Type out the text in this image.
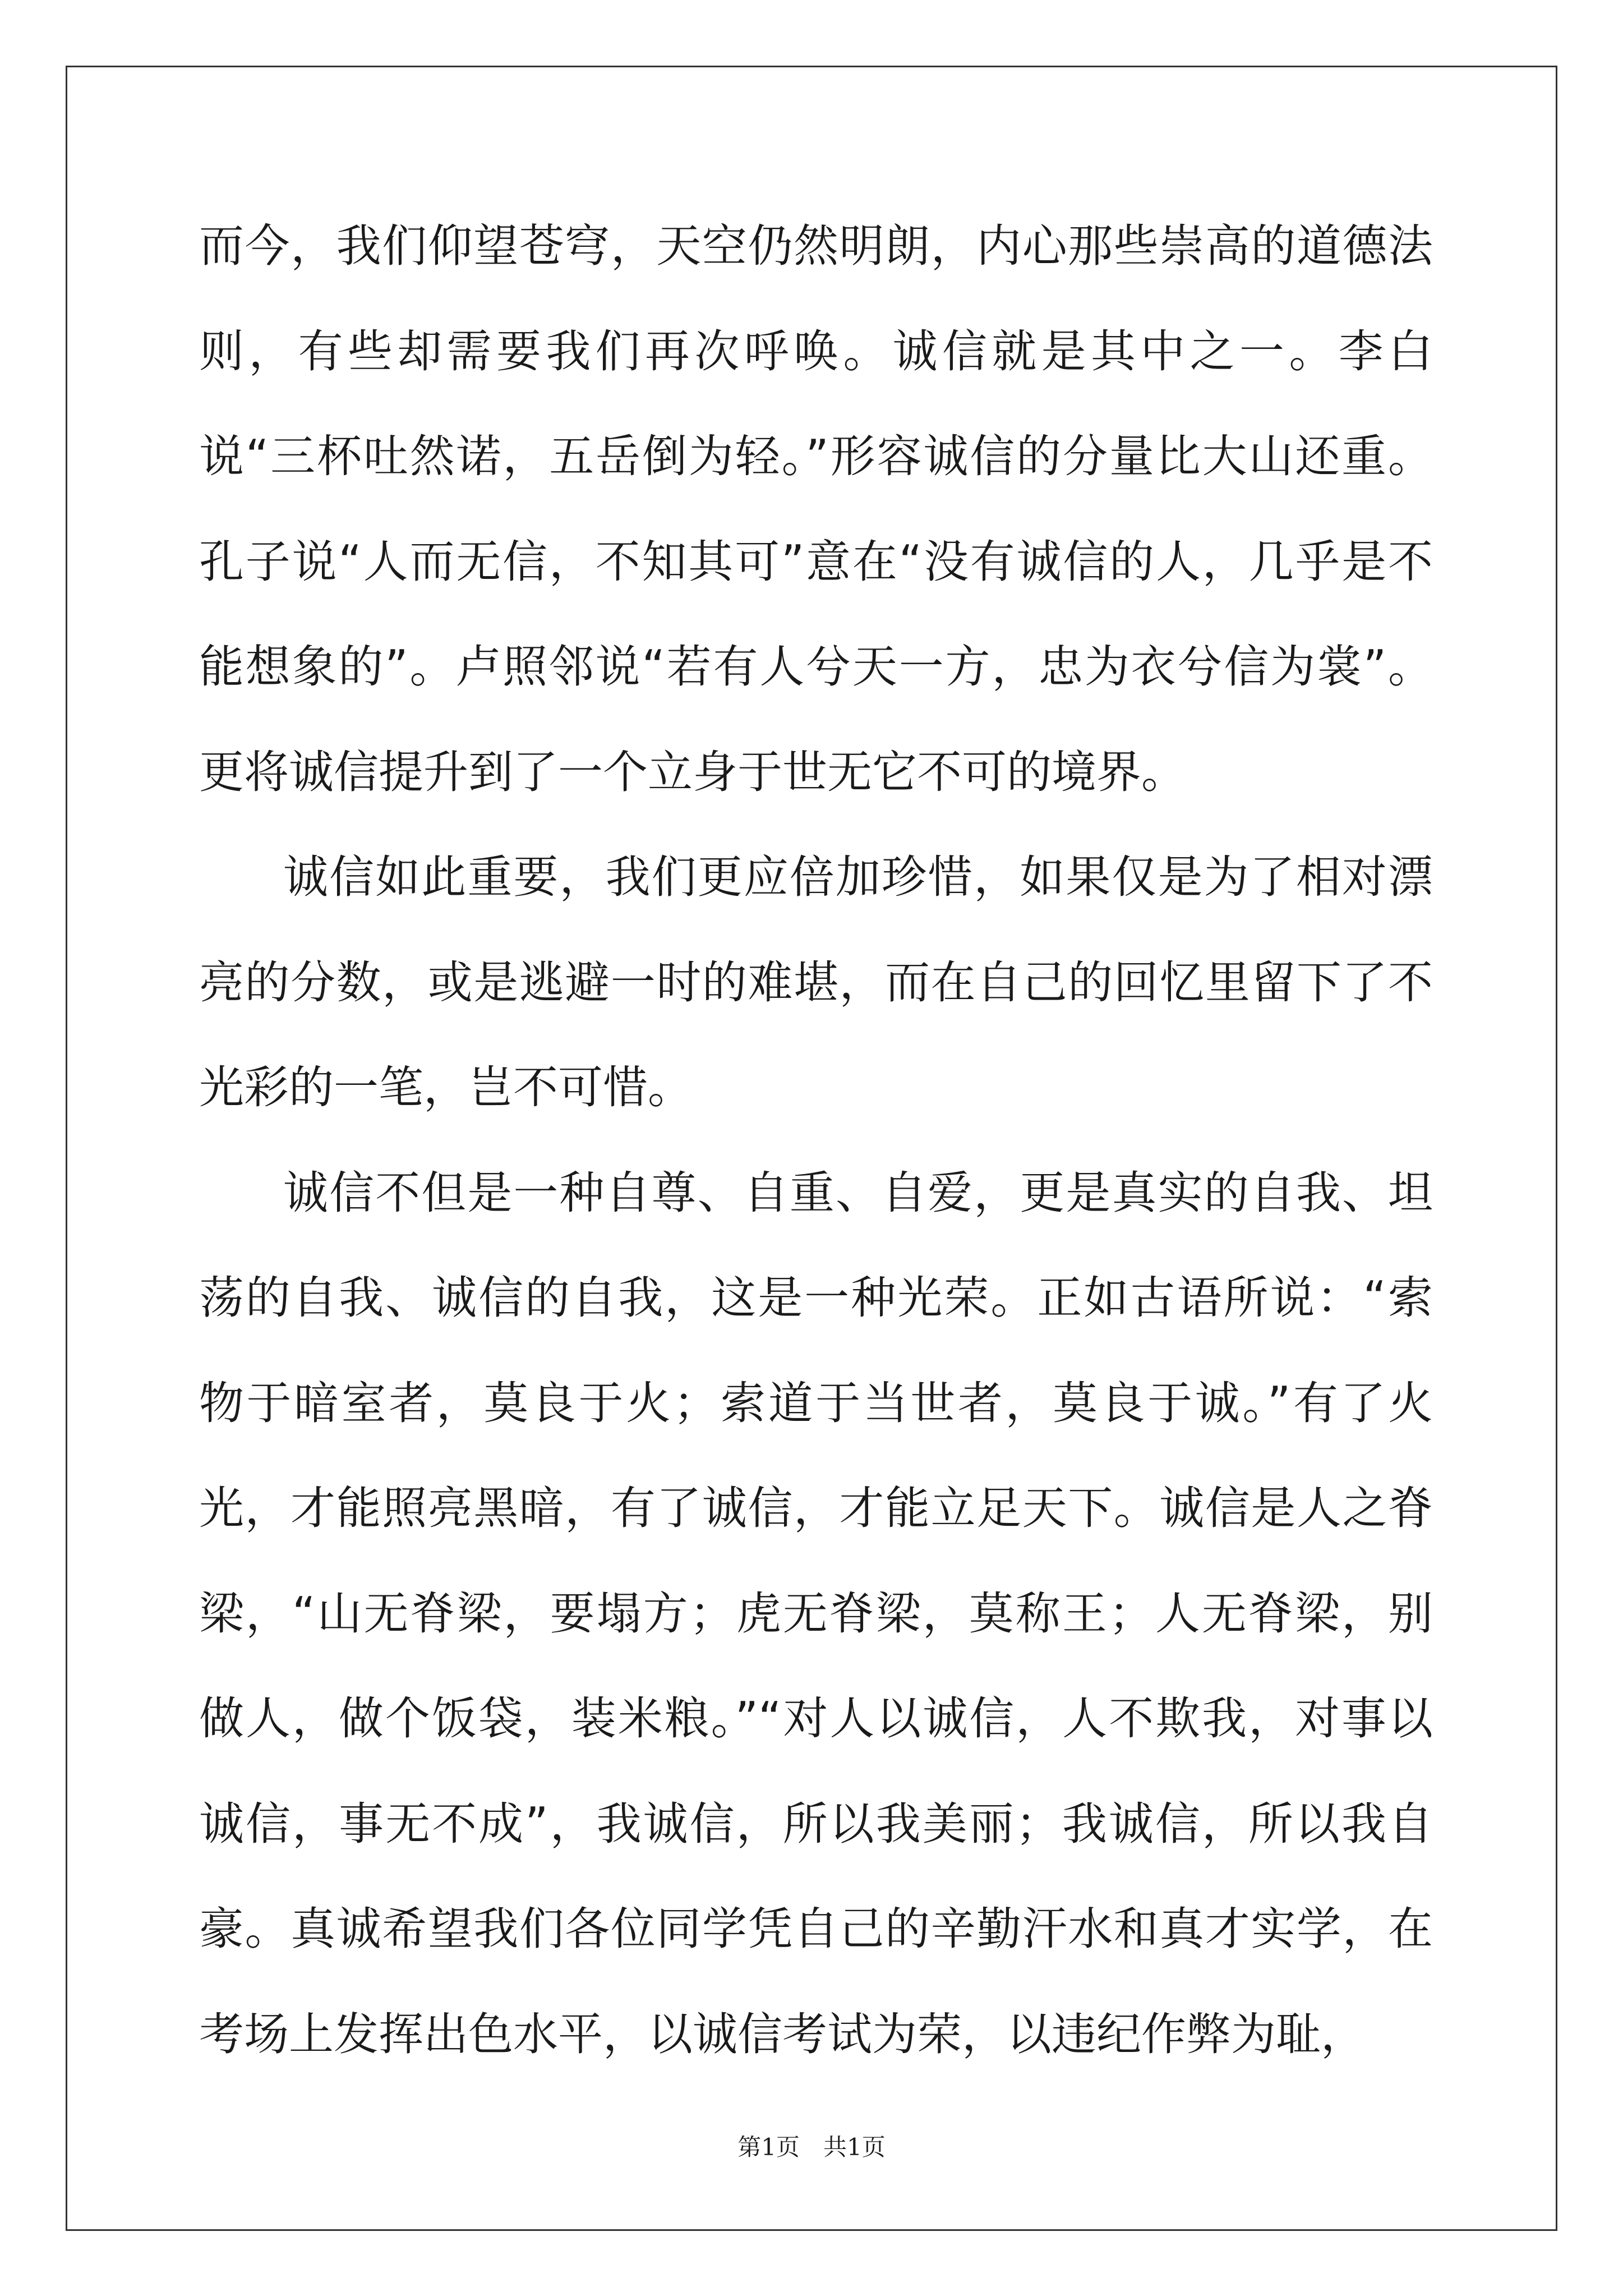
而今，我们仰望苍穹，天空仍然明朗，内心那些崇高的道德法则，有些却需要我们再次呼唤。诚信就是其中之一。李白说“三杯吐然诺，五岳倒为轻。”形容诚信的分量比大山还重。孔子说“人而无信，不知其可”意在“没有诚信的人，几乎是不能想象的”。卢照邻说“若有人兮天一方，忠为衣兮信为裳”。更将诚信提升到了一个立身于世无它不可的境界。

诚信如此重要，我们更应倍加珍惜，如果仅是为了相对漂亮的分数，或是逃避一时的难堪，而在自己的回忆里留下了不光彩的一笔，岂不可惜。

诚信不但是一种自尊、自重、自爱，更是真实的自我、坦荡的自我、诚信的自我，这是一种光荣。正如古语所说：“索物于暗室者，莫良于火；索道于当世者，莫良于诚。”有了火光，才能照亮黑暗，有了诚信，才能立足天下。诚信是人之脊梁，“山无脊梁，要塌方；虎无脊梁，莫称王；人无脊梁，别做人，做个饭袋，装米粮。”“对人以诚信，人不欺我，对事以诚信，事无不成”，我诚信，所以我美丽；我诚信，所以我自豪。真诚希望我们各位同学凭自己的辛勤汗水和真才实学，在考场上发挥出色水平，以诚信考试为荣，以违纪作弊为耻，

第1页　共1页
